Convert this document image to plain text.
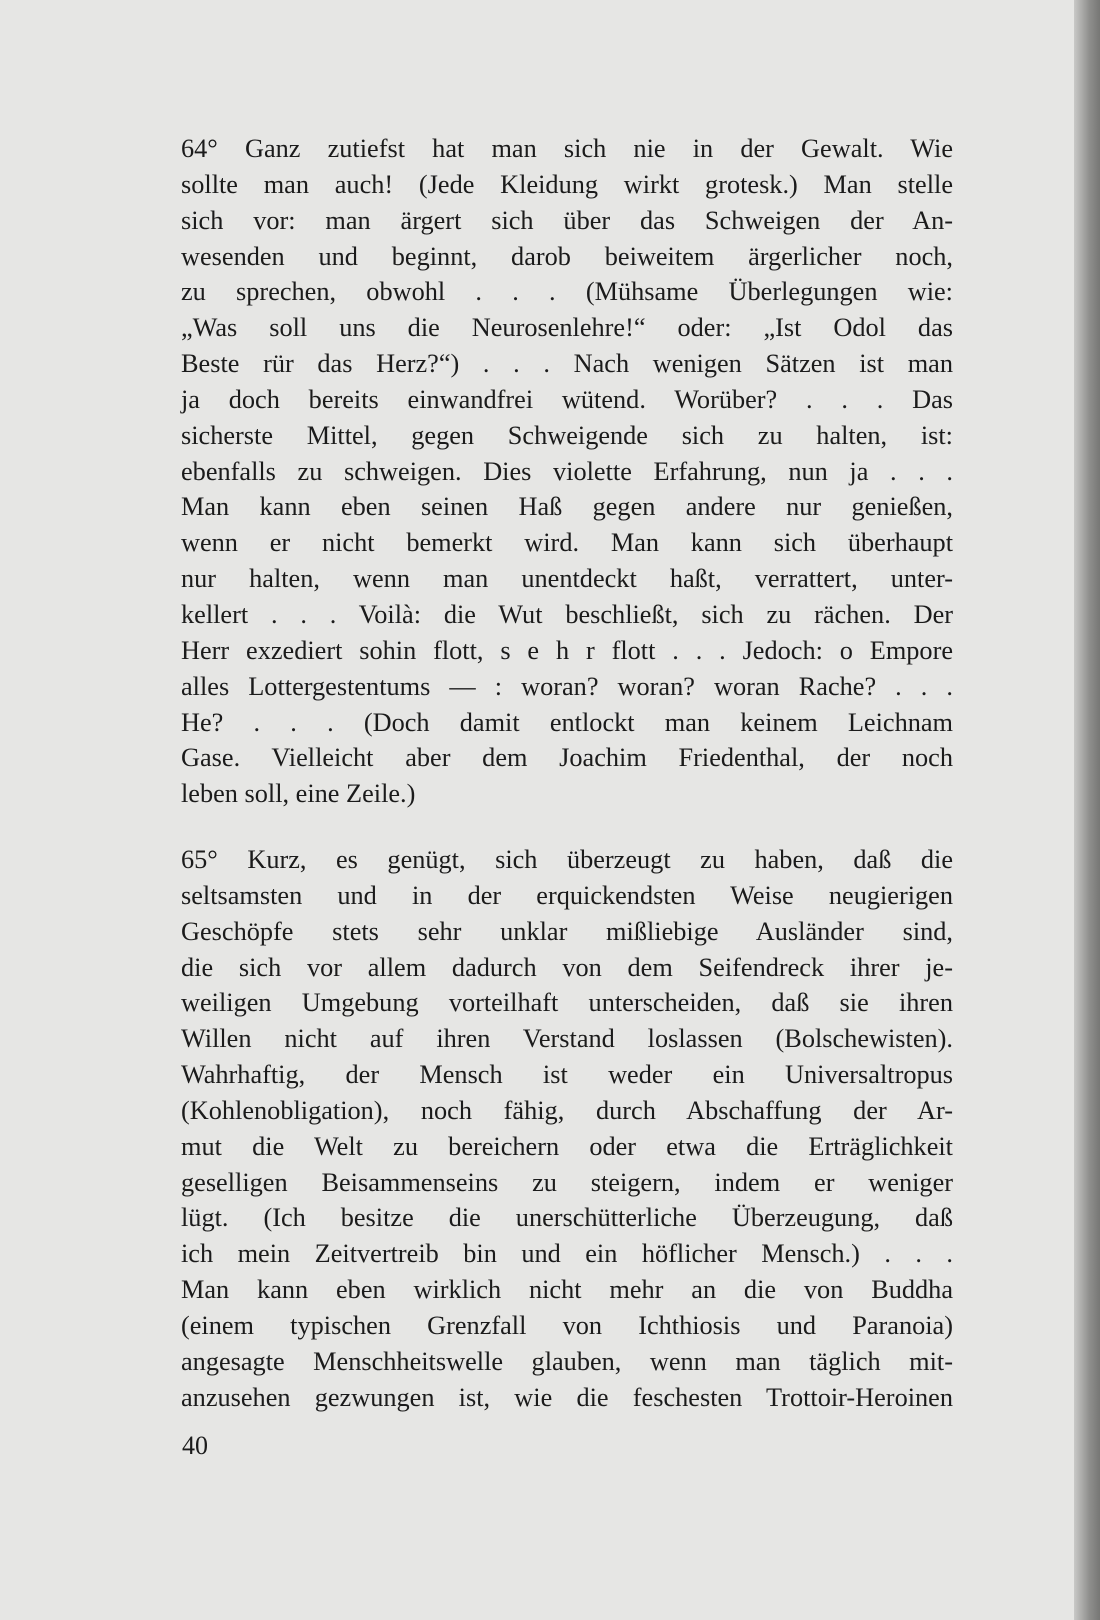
64° Ganz zutiefst hat man sich nie in der Gewalt. Wie
sollte man auch! (Jede Kleidung wirkt grotesk.) Man stelle
sich vor: man ärgert sich über das Schweigen der An-
wesenden und beginnt, darob beiweitem ärgerlicher noch,
zu sprechen, obwohl . . . (Mühsame Überlegungen wie:
„Was soll uns die Neurosenlehre!“ oder: „Ist Odol das
Beste rür das Herz?“) . . . Nach wenigen Sätzen ist man
ja doch bereits einwandfrei wütend. Worüber? . . . Das
sicherste Mittel, gegen Schweigende sich zu halten, ist:
ebenfalls zu schweigen. Dies violette Erfahrung, nun ja . . .
Man kann eben seinen Haß gegen andere nur genießen,
wenn er nicht bemerkt wird. Man kann sich überhaupt
nur halten, wenn man unentdeckt haßt, verrattert, unter-
kellert . . . Voilà: die Wut beschließt, sich zu rächen. Der
Herr exzediert sohin flott, s e h r flott . . . Jedoch: o Empore
alles Lottergestentums — : woran? woran? woran Rache? . . .
He? . . . (Doch damit entlockt man keinem Leichnam
Gase. Vielleicht aber dem Joachim Friedenthal, der noch
leben soll, eine Zeile.)
65° Kurz, es genügt, sich überzeugt zu haben, daß die
seltsamsten und in der erquickendsten Weise neugierigen
Geschöpfe stets sehr unklar mißliebige Ausländer sind,
die sich vor allem dadurch von dem Seifendreck ihrer je-
weiligen Umgebung vorteilhaft unterscheiden, daß sie ihren
Willen nicht auf ihren Verstand loslassen (Bolschewisten).
Wahrhaftig, der Mensch ist weder ein Universaltropus
(Kohlenobligation), noch fähig, durch Abschaffung der Ar-
mut die Welt zu bereichern oder etwa die Erträglichkeit
geselligen Beisammenseins zu steigern, indem er weniger
lügt. (Ich besitze die unerschütterliche Überzeugung, daß
ich mein Zeitvertreib bin und ein höflicher Mensch.) . . .
Man kann eben wirklich nicht mehr an die von Buddha
(einem typischen Grenzfall von Ichthiosis und Paranoia)
angesagte Menschheitswelle glauben, wenn man täglich mit-
anzusehen gezwungen ist, wie die feschesten Trottoir-Heroinen
40
